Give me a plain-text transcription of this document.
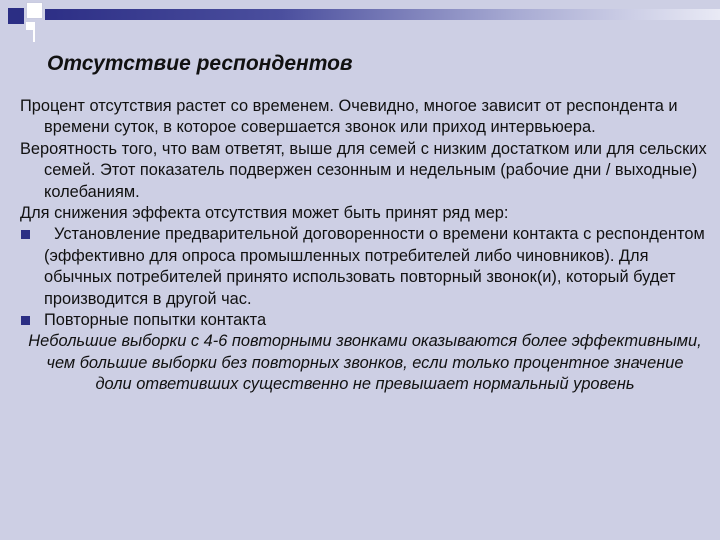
Отсутствие респондентов

Процент отсутствия растет со временем. Очевидно, многое зависит от респондента и времени суток, в которое совершается звонок или приход интервьюера.

Вероятность того, что вам ответят, выше для семей с низким достатком или для сельских семей. Этот показатель подвержен сезонным и недельным (рабочие дни / выходные) колебаниям.

Для снижения эффекта отсутствия может быть принят ряд мер:

Установление предварительной договоренности о времени контакта с респондентом (эффективно для опроса промышленных потребителей либо чиновников). Для обычных потребителей принято использовать повторный звонок(и), который будет производится в другой час.
Повторные попытки контакта

Небольшие выборки с 4-6 повторными звонками оказываются более эффективными, чем большие выборки без повторных звонков, если только процентное значение доли ответивших существенно не превышает нормальный уровень
